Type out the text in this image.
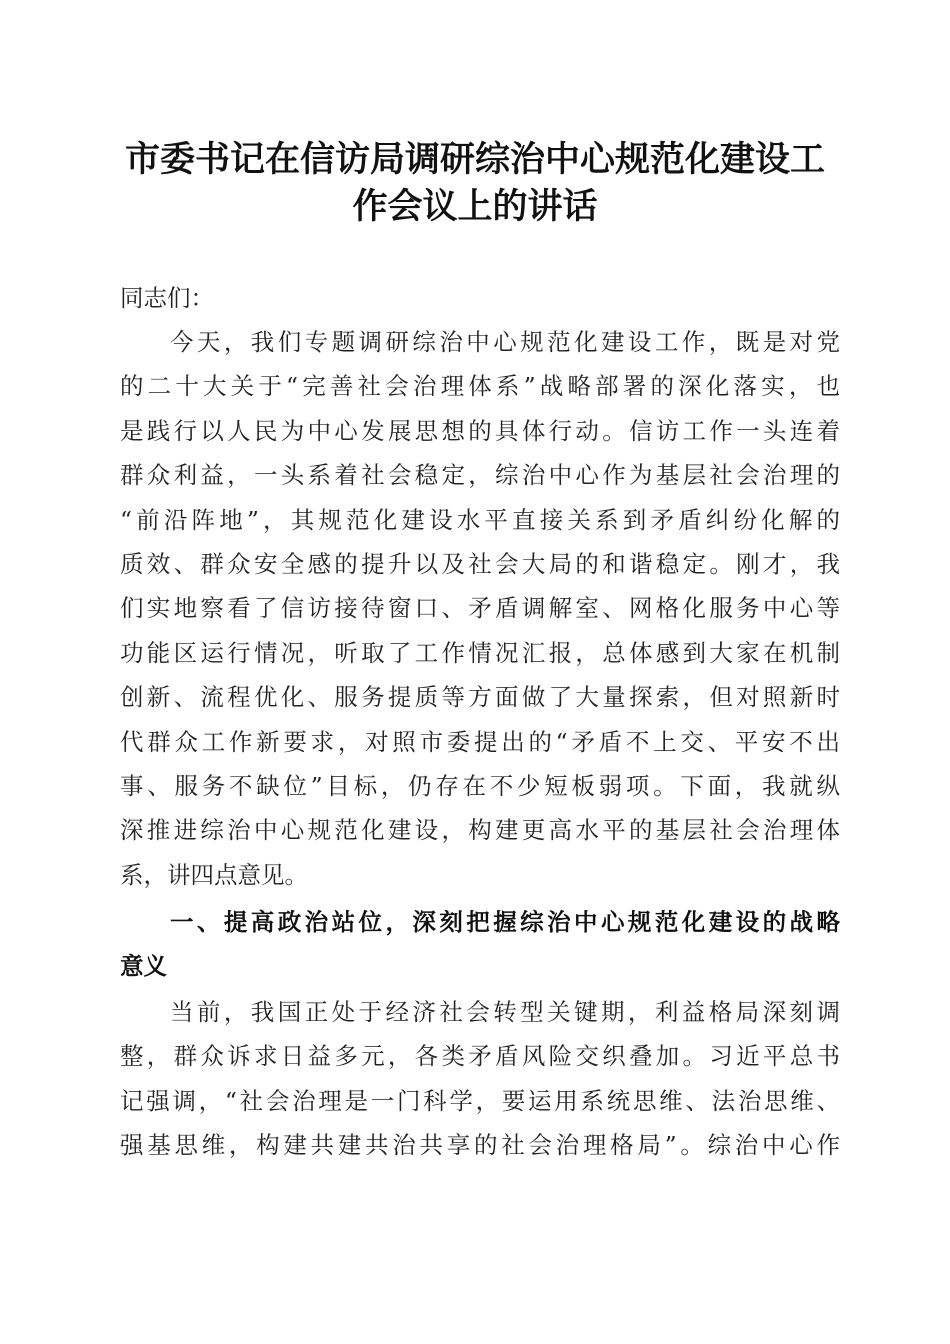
市委书记在信访局调研综治中心规范化建设工
作会议上的讲话
同志们：
今天，我们专题调研综治中心规范化建设工作，既是对党
的二十大关于“完善社会治理体系”战略部署的深化落实，也
是践行以人民为中心发展思想的具体行动。信访工作一头连着
群众利益，一头系着社会稳定，综治中心作为基层社会治理的
“前沿阵地”，其规范化建设水平直接关系到矛盾纠纷化解的
质效、群众安全感的提升以及社会大局的和谐稳定。刚才，我
们实地察看了信访接待窗口、矛盾调解室、网格化服务中心等
功能区运行情况，听取了工作情况汇报，总体感到大家在机制
创新、流程优化、服务提质等方面做了大量探索，但对照新时
代群众工作新要求，对照市委提出的“矛盾不上交、平安不出
事、服务不缺位”目标，仍存在不少短板弱项。下面，我就纵
深推进综治中心规范化建设，构建更高水平的基层社会治理体
系，讲四点意见。
一、提高政治站位，深刻把握综治中心规范化建设的战略
意义
当前，我国正处于经济社会转型关键期，利益格局深刻调
整，群众诉求日益多元，各类矛盾风险交织叠加。习近平总书
记强调，“社会治理是一门科学，要运用系统思维、法治思维、
强基思维，构建共建共治共享的社会治理格局”。综治中心作
